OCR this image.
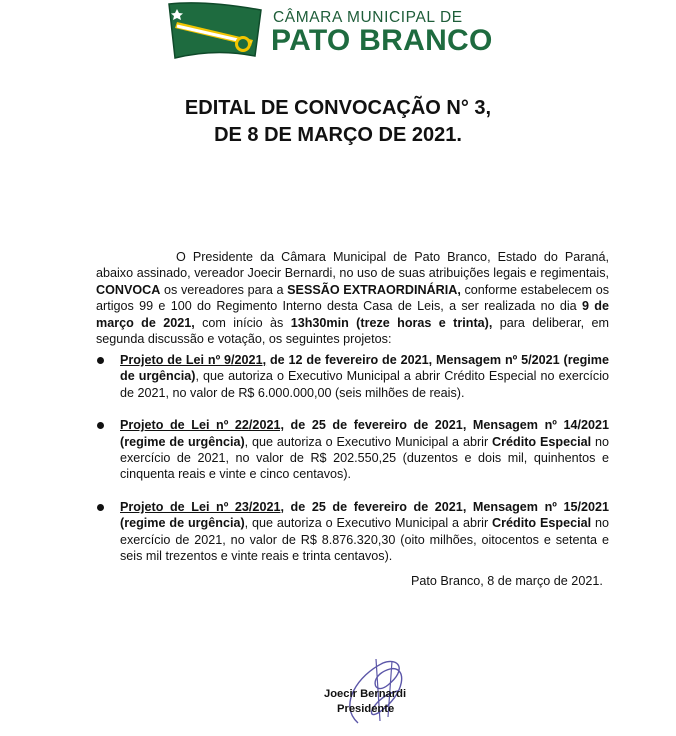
CÂMARA MUNICIPAL DE
PATO BRANCO
EDITAL DE CONVOCAÇÃO N° 3,
DE 8 DE MARÇO DE 2021.
O Presidente da Câmara Municipal de Pato Branco, Estado do Paraná, abaixo assinado, vereador Joecir Bernardi, no uso de suas atribuições legais e regimentais, CONVOCA os vereadores para a SESSÃO EXTRAORDINÁRIA, conforme estabelecem os artigos 99 e 100 do Regimento Interno desta Casa de Leis, a ser realizada no dia 9 de março de 2021, com início às 13h30min (treze horas e trinta), para deliberar, em segunda discussão e votação, os seguintes projetos:
Projeto de Lei nº 9/2021, de 12 de fevereiro de 2021, Mensagem nº 5/2021 (regime de urgência), que autoriza o Executivo Municipal a abrir Crédito Especial no exercício de 2021, no valor de R$ 6.000.000,00 (seis milhões de reais).
Projeto de Lei nº 22/2021, de 25 de fevereiro de 2021, Mensagem nº 14/2021 (regime de urgência), que autoriza o Executivo Municipal a abrir Crédito Especial no exercício de 2021, no valor de R$ 202.550,25 (duzentos e dois mil, quinhentos e cinquenta reais e vinte e cinco centavos).
Projeto de Lei nº 23/2021, de 25 de fevereiro de 2021, Mensagem nº 15/2021 (regime de urgência), que autoriza o Executivo Municipal a abrir Crédito Especial no exercício de 2021, no valor de R$ 8.876.320,30 (oito milhões, oitocentos e setenta e seis mil trezentos e vinte reais e trinta centavos).
Pato Branco, 8 de março de 2021.
Joecir Bernardi
Presidente
